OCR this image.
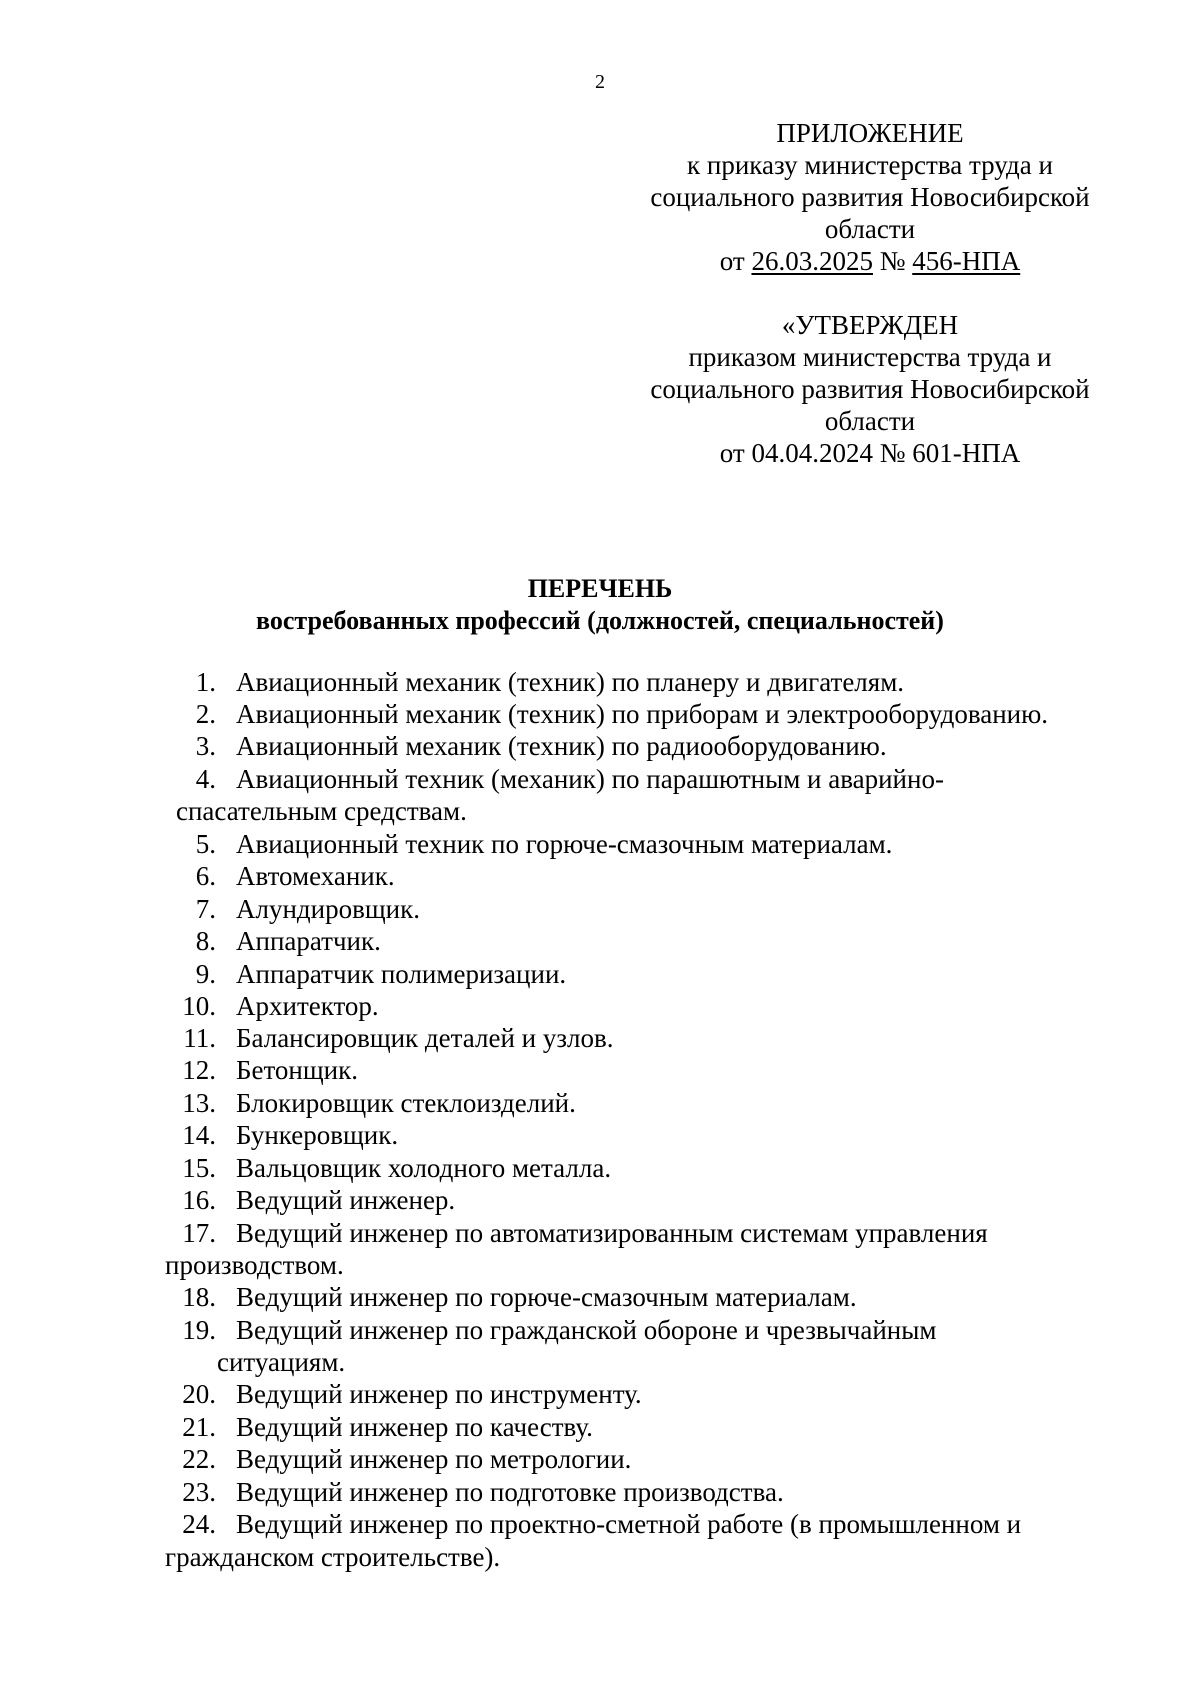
2
ПРИЛОЖЕНИЕ
к приказу министерства труда и
социального развития Новосибирской
области
от 26.03.2025 № 456-НПА
«УТВЕРЖДЕН
приказом министерства труда и
социального развития Новосибирской
области
от 04.04.2024 № 601-НПА
ПЕРЕЧЕНЬ
востребованных профессий (должностей, специальностей)
1. Авиационный механик (техник) по планеру и двигателям.
2. Авиационный механик (техник) по приборам и электрооборудованию.
3. Авиационный механик (техник) по радиооборудованию.
4. Авиационный техник (механик) по парашютным и аварийно-
спасательным средствам.
5. Авиационный техник по горюче-смазочным материалам.
6. Автомеханик.
7. Алундировщик.
8. Аппаратчик.
9. Аппаратчик полимеризации.
10. Архитектор.
11. Балансировщик деталей и узлов.
12. Бетонщик.
13. Блокировщик стеклоизделий.
14. Бункеровщик.
15. Вальцовщик холодного металла.
16. Ведущий инженер.
17. Ведущий инженер по автоматизированным системам управления
производством.
18. Ведущий инженер по горюче-смазочным материалам.
19. Ведущий инженер по гражданской обороне и чрезвычайным
ситуациям.
20. Ведущий инженер по инструменту.
21. Ведущий инженер по качеству.
22. Ведущий инженер по метрологии.
23. Ведущий инженер по подготовке производства.
24. Ведущий инженер по проектно-сметной работе (в промышленном и
гражданском строительстве).
